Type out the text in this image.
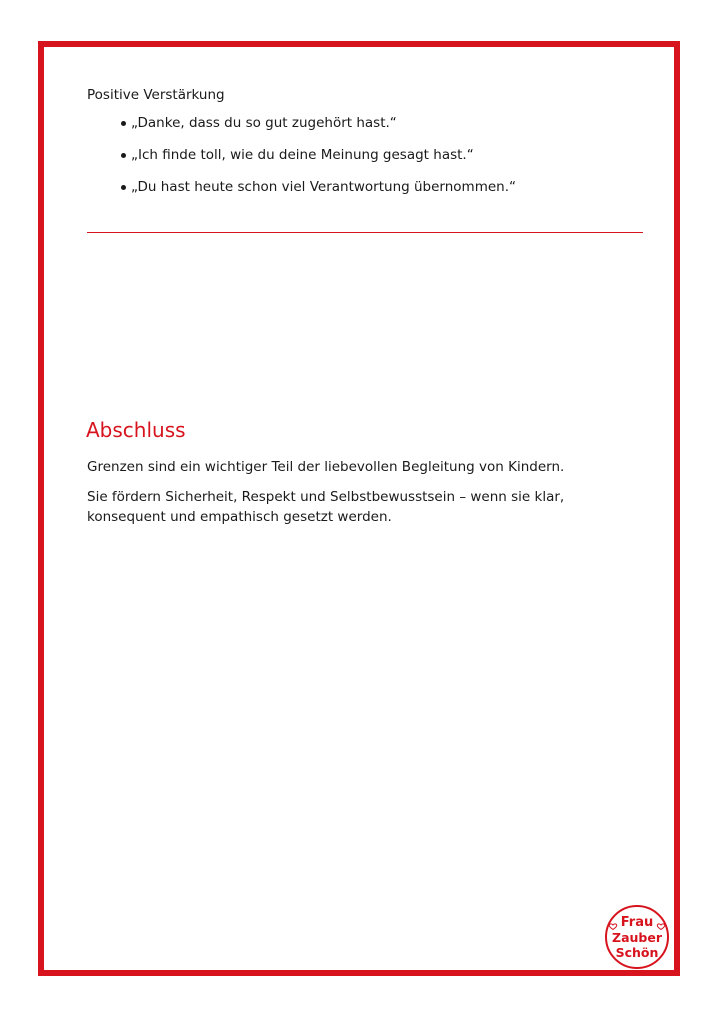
Positive Verstärkung
„Danke, dass du so gut zugehört hast.“
„Ich finde toll, wie du deine Meinung gesagt hast.“
„Du hast heute schon viel Verantwortung übernommen.“
Abschluss

Grenzen sind ein wichtiger Teil der liebevollen Begleitung von Kindern.

Sie fördern Sicherheit, Respekt und Selbstbewusstsein – wenn sie klar, konsequent und empathisch gesetzt werden.

Frau
Zauber
Schön
